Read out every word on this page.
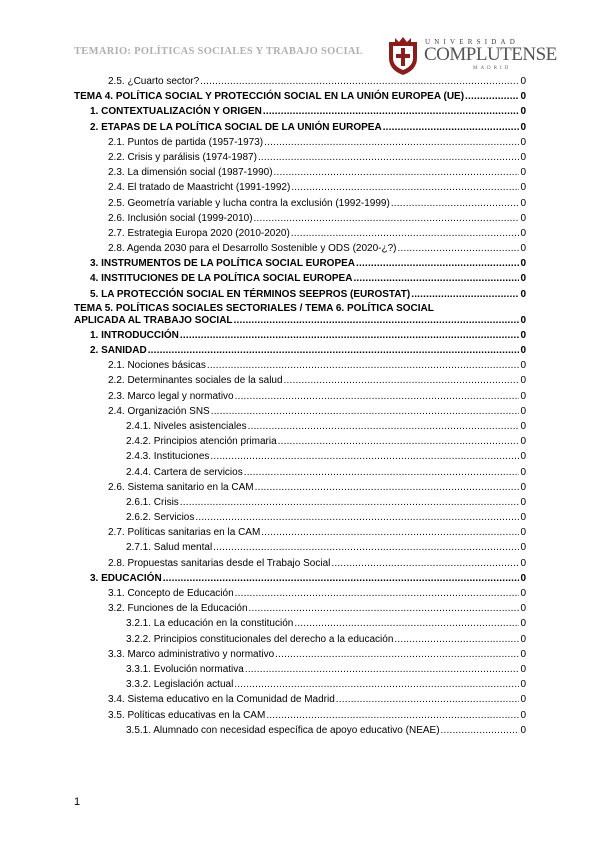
TEMARIO: POLÍTICAS SOCIALES Y TRABAJO SOCIAL
UNIVERSIDAD
COMPLUTENSE
MADRID
2.5. ¿Cuarto sector? .....	0
TEMA 4. POLÍTICA SOCIAL Y PROTECCIÓN SOCIAL EN LA UNIÓN EUROPEA (UE) .....	0
1. CONTEXTUALIZACIÓN Y ORIGEN .....	0
2. ETAPAS DE LA POLÍTICA SOCIAL DE LA UNIÓN EUROPEA .....	0
2.1. Puntos de partida (1957-1973) .....	0
2.2. Crisis y parálisis (1974-1987) .....	0
2.3. La dimensión social (1987-1990) .....	0
2.4. El tratado de Maastricht (1991-1992) .....	0
2.5. Geometría variable y lucha contra la exclusión (1992-1999) .....	0
2.6. Inclusión social (1999-2010) .....	0
2.7. Estrategia Europa 2020 (2010-2020) .....	0
2.8. Agenda 2030 para el Desarrollo Sostenible y ODS (2020-¿?) .....	0
3. INSTRUMENTOS DE LA POLÍTICA SOCIAL EUROPEA .....	0
4. INSTITUCIONES DE LA POLÍTICA SOCIAL EUROPEA .....	0
5. LA PROTECCIÓN SOCIAL EN TÉRMINOS SEEPROS (EUROSTAT) .....	0
TEMA 5. POLÍTICAS SOCIALES SECTORIALES / TEMA 6. POLÍTICA SOCIAL
APLICADA AL TRABAJO SOCIAL .....	0
1. INTRODUCCIÓN .....	0
2. SANIDAD .....	0
2.1. Nociones básicas .....	0
2.2. Determinantes sociales de la salud .....	0
2.3. Marco legal y normativo .....	0
2.4. Organización SNS .....	0
2.4.1. Niveles asistenciales .....	0
2.4.2. Principios atención primaria .....	0
2.4.3. Instituciones .....	0
2.4.4. Cartera de servicios .....	0
2.6. Sistema sanitario en la CAM .....	0
2.6.1. Crisis .....	0
2.6.2. Servicios .....	0
2.7. Políticas sanitarias en la CAM .....	0
2.7.1. Salud mental .....	0
2.8. Propuestas sanitarias desde el Trabajo Social .....	0
3. EDUCACIÓN .....	0
3.1. Concepto de Educación .....	0
3.2. Funciones de la Educación .....	0
3.2.1. La educación en la constitución .....	0
3.2.2. Principios constitucionales del derecho a la educación .....	0
3.3. Marco administrativo y normativo .....	0
3.3.1. Evolución normativa .....	0
3.3.2. Legislación actual .....	0
3.4. Sistema educativo en la Comunidad de Madrid .....	0
3.5. Políticas educativas en la CAM .....	0
3.5.1. Alumnado con necesidad específica de apoyo educativo (NEAE) .....	0
1
